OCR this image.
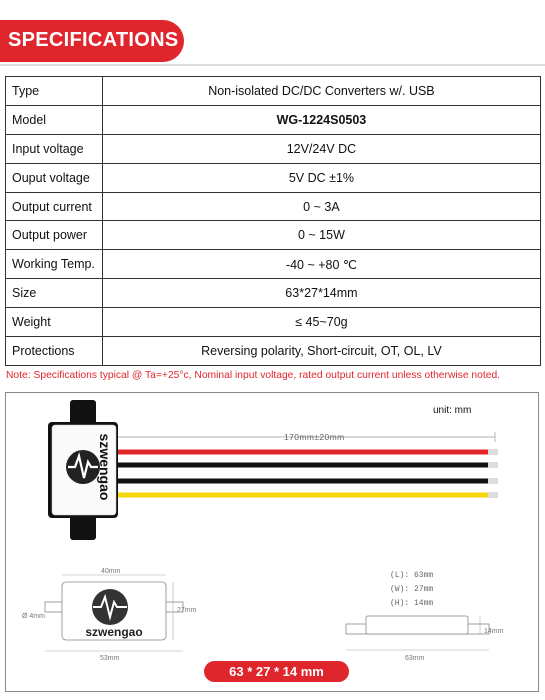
SPECIFICATIONS
Type	Non-isolated DC/DC Converters w/. USB
Model	WG-1224S0503
Input voltage	12V/24V DC
Ouput voltage	5V DC ±1%
Output current	0 ~ 3A
Output power	0 ~ 15W
Working Temp.	-40 ~ +80 ℃
Size	63*27*14mm
Weight	≤ 45~70g
Protections	Reversing polarity, Short-circuit, OT, OL, LV
Note: Specifications typical @ Ta=+25°c, Nominal input voltage, rated output current unless otherwise noted.
szwengao
szwengao
unit: mm
170mm±20mm
(L): 63mm
(W): 27mm
(H): 14mm
40mm
53mm
27mm
Ø 4mm
63mm
14mm
63 * 27 * 14 mm
